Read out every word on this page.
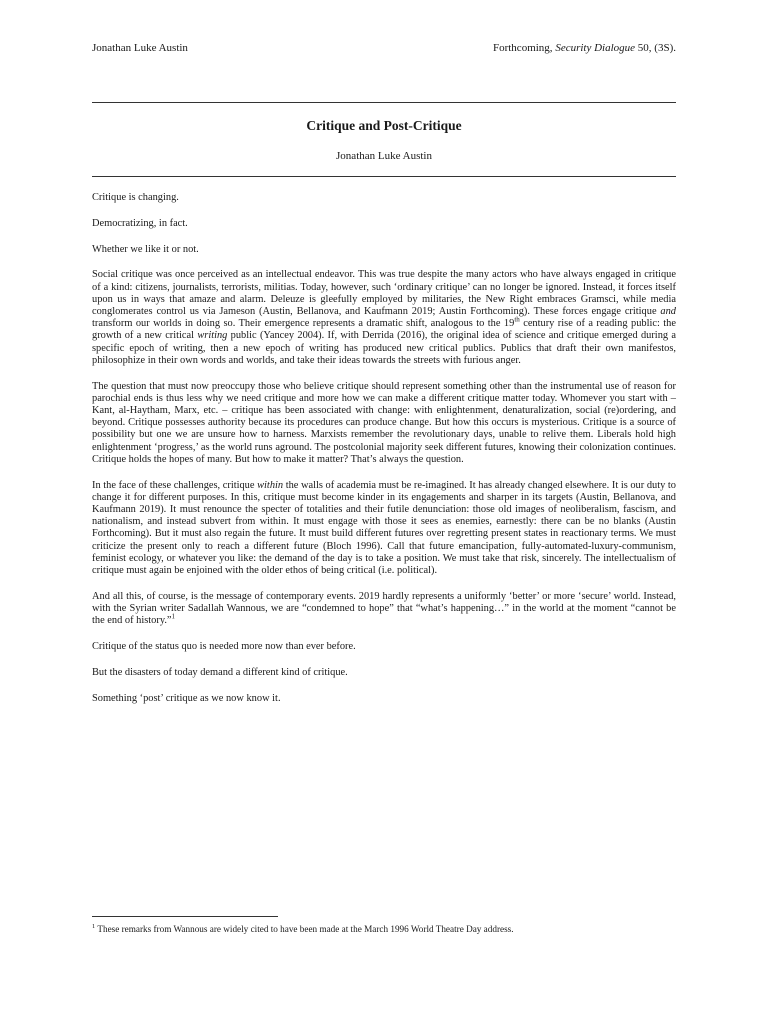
Jonathan Luke Austin	Forthcoming, Security Dialogue 50, (3S).
Critique and Post-Critique
Jonathan Luke Austin

Critique is changing.

Democratizing, in fact.

Whether we like it or not.

Social critique was once perceived as an intellectual endeavor. This was true despite the many actors who have always engaged in critique of a kind: citizens, journalists, terrorists, militias. Today, however, such ‘ordinary critique’ can no longer be ignored. Instead, it forces itself upon us in ways that amaze and alarm. Deleuze is gleefully employed by militaries, the New Right embraces Gramsci, while media conglomerates control us via Jameson (Austin, Bellanova, and Kaufmann 2019; Austin Forthcoming). These forces engage critique and transform our worlds in doing so. Their emergence represents a dramatic shift, analogous to the 19th century rise of a reading public: the growth of a new critical writing public (Yancey 2004). If, with Derrida (2016), the original idea of science and critique emerged during a specific epoch of writing, then a new epoch of writing has produced new critical publics. Publics that draft their own manifestos, philosophize in their own words and worlds, and take their ideas towards the streets with furious anger.

The question that must now preoccupy those who believe critique should represent something other than the instrumental use of reason for parochial ends is thus less why we need critique and more how we can make a different critique matter today. Whomever you start with – Kant, al-Haytham, Marx, etc. – critique has been associated with change: with enlightenment, denaturalization, social (re)ordering, and beyond. Critique possesses authority because its procedures can produce change. But how this occurs is mysterious. Critique is a source of possibility but one we are unsure how to harness. Marxists remember the revolutionary days, unable to relive them. Liberals hold high enlightenment ‘progress,’ as the world runs aground. The postcolonial majority seek different futures, knowing their colonization continues. Critique holds the hopes of many. But how to make it matter? That’s always the question.

In the face of these challenges, critique within the walls of academia must be re-imagined. It has already changed elsewhere. It is our duty to change it for different purposes. In this, critique must become kinder in its engagements and sharper in its targets (Austin, Bellanova, and Kaufmann 2019). It must renounce the specter of totalities and their futile denunciation: those old images of neoliberalism, fascism, and nationalism, and instead subvert from within. It must engage with those it sees as enemies, earnestly: there can be no blanks (Austin Forthcoming). But it must also regain the future. It must build different futures over regretting present states in reactionary terms. We must criticize the present only to reach a different future (Bloch 1996). Call that future emancipation, fully-automated-luxury-communism, feminist ecology, or whatever you like: the demand of the day is to take a position. We must take that risk, sincerely. The intellectualism of critique must again be enjoined with the older ethos of being critical (i.e. political).

And all this, of course, is the message of contemporary events. 2019 hardly represents a uniformly ‘better’ or more ‘secure’ world. Instead, with the Syrian writer Sadallah Wannous, we are “condemned to hope” that “what’s happening…” in the world at the moment “cannot be the end of history.”$^1$

Critique of the status quo is needed more now than ever before.

But the disasters of today demand a different kind of critique.

Something ‘post’ critique as we now know it.

$^1$ These remarks from Wannous are widely cited to have been made at the March 1996 World Theatre Day address.
